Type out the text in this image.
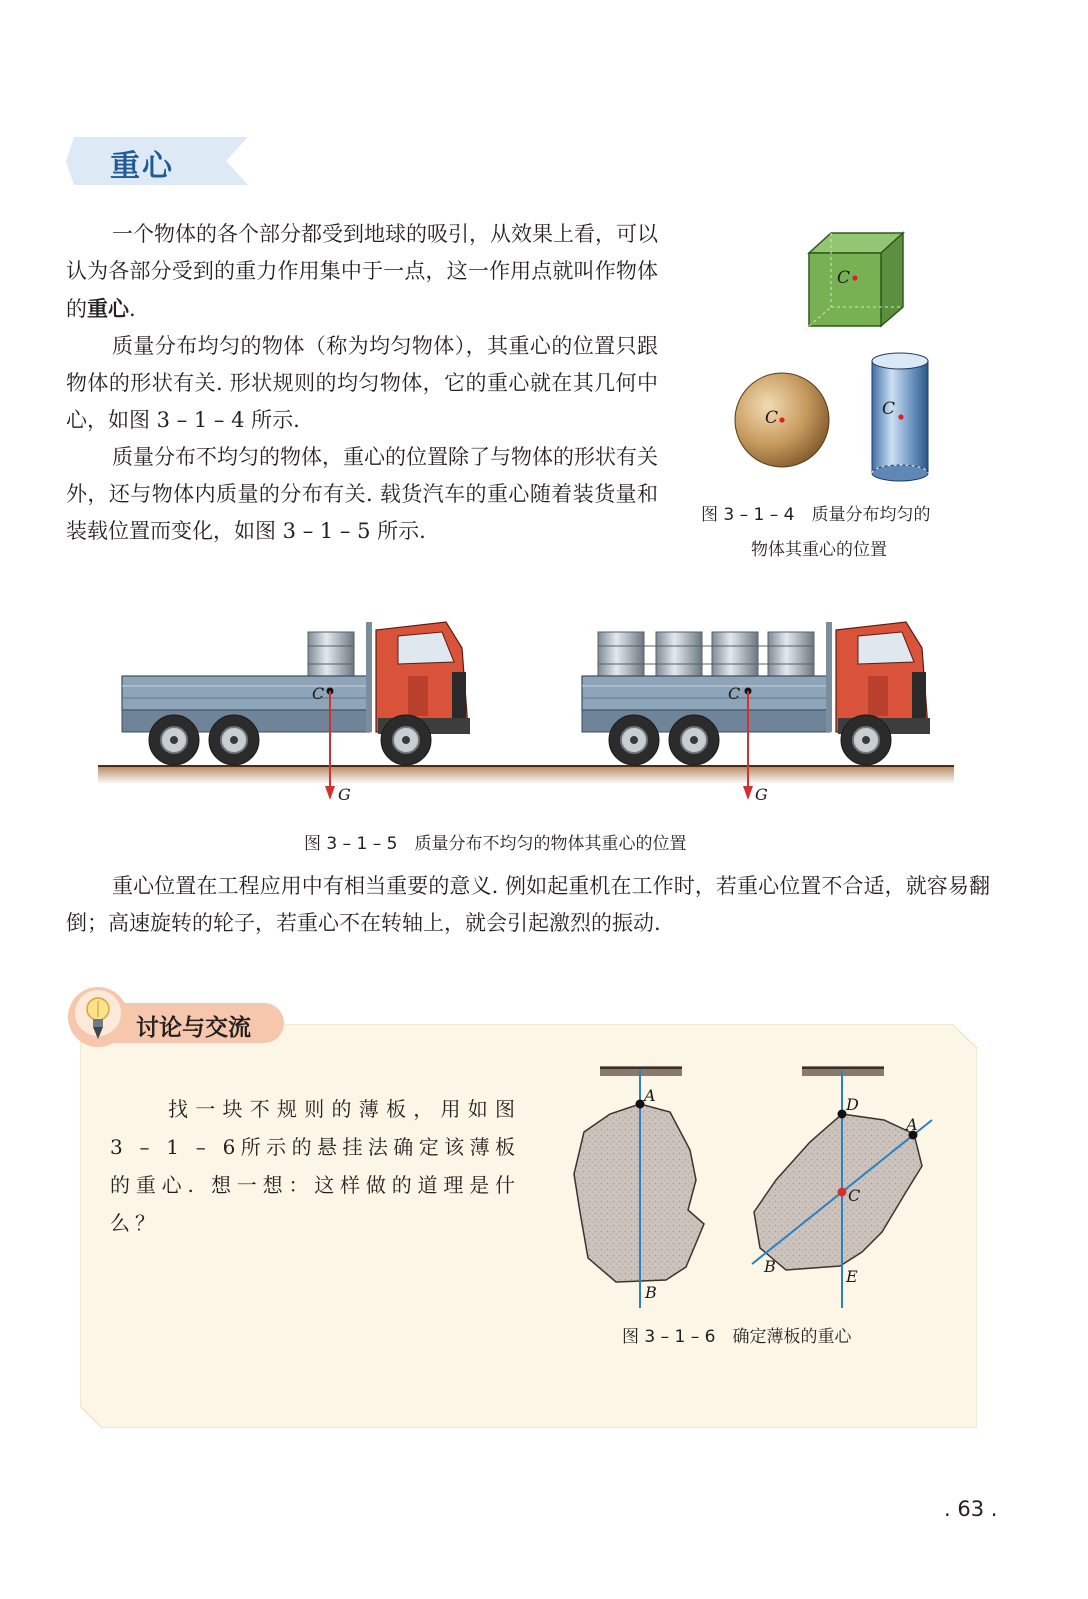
重心

一个物体的各个部分都受到地球的吸引，从效果上看，可以认为各部分受到的重力作用集中于一点，这一作用点就叫作物体的重心.

质量分布均匀的物体（称为均匀物体），其重心的位置只跟物体的形状有关. 形状规则的均匀物体，它的重心就在其几何中心，如图 3 – 1 – 4 所示.

质量分布不均匀的物体，重心的位置除了与物体的形状有关外，还与物体内质量的分布有关. 载货汽车的重心随着装货量和装载位置而变化，如图 3 – 1 – 5 所示.

C
C	C
图 3 – 1 – 4　质量分布均匀的
物体其重心的位置
C
G
C
G
图 3 – 1 – 5　质量分布不均匀的物体其重心的位置

重心位置在工程应用中有相当重要的意义. 例如起重机在工作时，若重心位置不合适，就容易翻倒；高速旋转的轮子，若重心不在转轴上，就会引起激烈的振动.

讨论与交流

找一块不规则的薄板，用如图 3 – 1 – 6所示的悬挂法确定该薄板的重心. 想一想：这样做的道理是什么？

A
B
D
A
C
B
E
图 3 – 1 – 6　确定薄板的重心
. 63 .
